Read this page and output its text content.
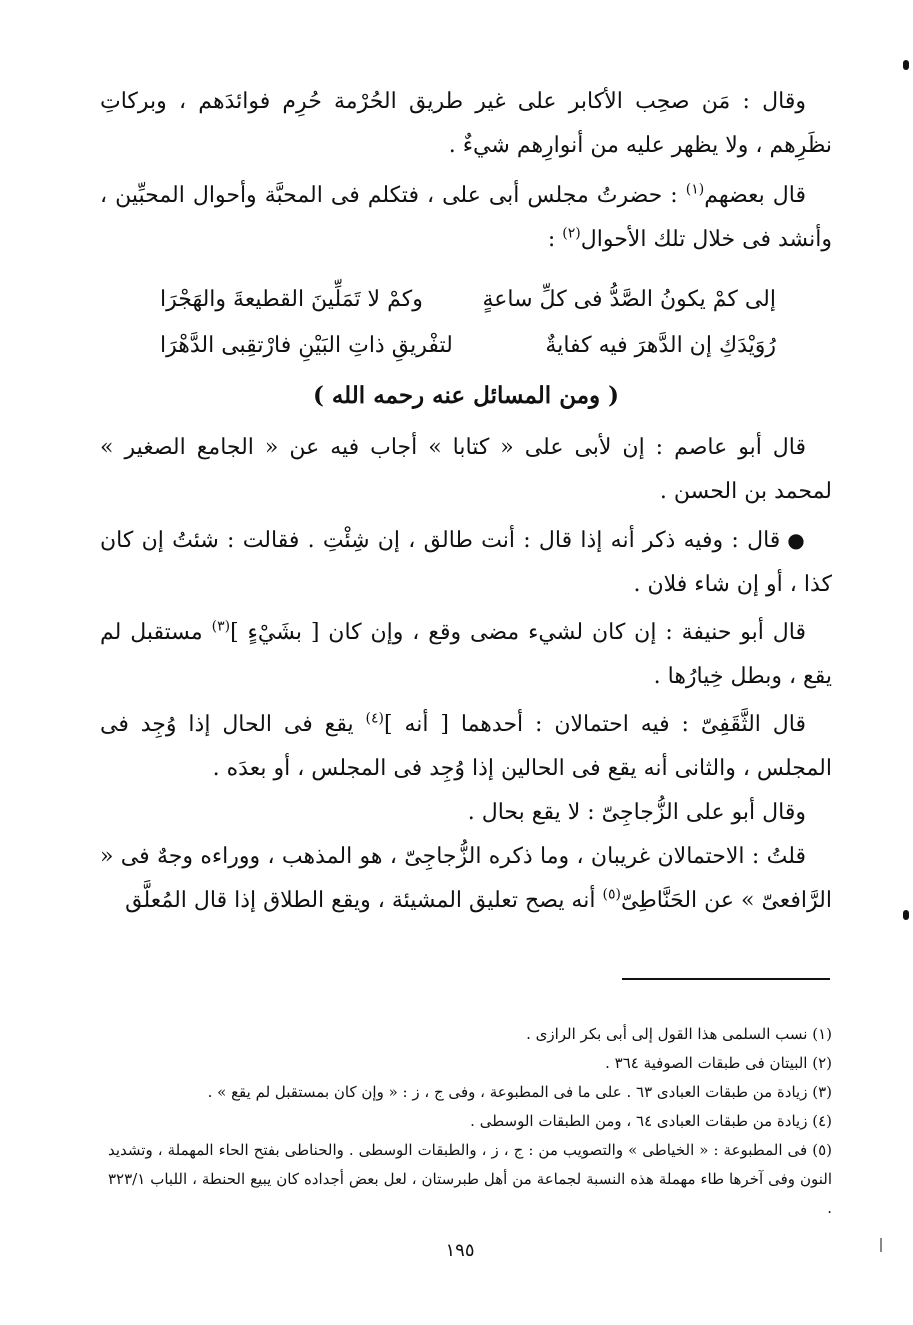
وقال : مَن صحِب الأكابر على غير طريق الحُرْمة حُرِم فوائدَهم ، وبركاتِ نظَرِهم ، ولا يظهر عليه من أنوارِهم شيءٌ .

قال بعضهم$^{(١)}$ : حضرتُ مجلس أبى على ، فتكلم فى المحبَّة وأحوال المحبِّين ، وأنشد فى خلال تلك الأحوال$^{(٢)}$ :

إلى كمْ يكونُ الصَّدُّ فى كلِّ ساعةٍ
وكمْ لا تَمَلِّينَ القطيعةَ والهَجْرَا
رُوَيْدَكِ إن الدَّهرَ فيه كفايةٌ
لتفْريقِ ذاتِ البَيْنِ فارْتقِبى الدَّهْرَا
( ومن المسائل عنه رحمه الله )

قال أبو عاصم : إن لأبى على « كتابا » أجاب فيه عن « الجامع الصغير » لمحمد بن الحسن .

● قال : وفيه ذكر أنه إذا قال : أنت طالق ، إن شِئْتِ . فقالت : شئتُ إن كان كذا ، أو إن شاء فلان .

قال أبو حنيفة : إن كان لشيء مضى وقع ، وإن كان [ بشَيْءٍ ]$^{(٣)}$ مستقبل لم يقع ، وبطل خِيارُها .

قال الثَّقَفِىّ : فيه احتمالان : أحدهما [ أنه ]$^{(٤)}$ يقع فى الحال إذا وُجِد فى المجلس ، والثانى أنه يقع فى الحالين إذا وُجِد فى المجلس ، أو بعدَه .

وقال أبو على الزُّجاجِىّ : لا يقع بحال .

قلتُ : الاحتمالان غريبان ، وما ذكره الزُّجاجِىّ ، هو المذهب ، ووراءه وجهٌ فى « الرَّافعىّ » عن الحَنَّاطِىّ$^{(٥)}$ أنه يصح تعليق المشيئة ، ويقع الطلاق إذا قال المُعلَّق

(١) نسب السلمى هذا القول إلى أبى بكر الرازى .

(٢) البيتان فى طبقات الصوفية ٣٦٤ .

(٣) زيادة من طبقات العبادى ٦٣ . على ما فى المطبوعة ، وفى ج ، ز : « وإن كان بمستقبل لم يقع » .

(٤) زيادة من طبقات العبادى ٦٤ ، ومن الطبقات الوسطى .

(٥) فى المطبوعة : « الخياطى » والتصويب من : ج ، ز ، والطبقات الوسطى . والحناطى بفتح الحاء المهملة ، وتشديد النون وفى آخرها طاء مهملة هذه النسبة لجماعة من أهل طبرستان ، لعل بعض أجداده كان يبيع الحنطة ، اللباب ٣٢٣/١ .

١٩٥
